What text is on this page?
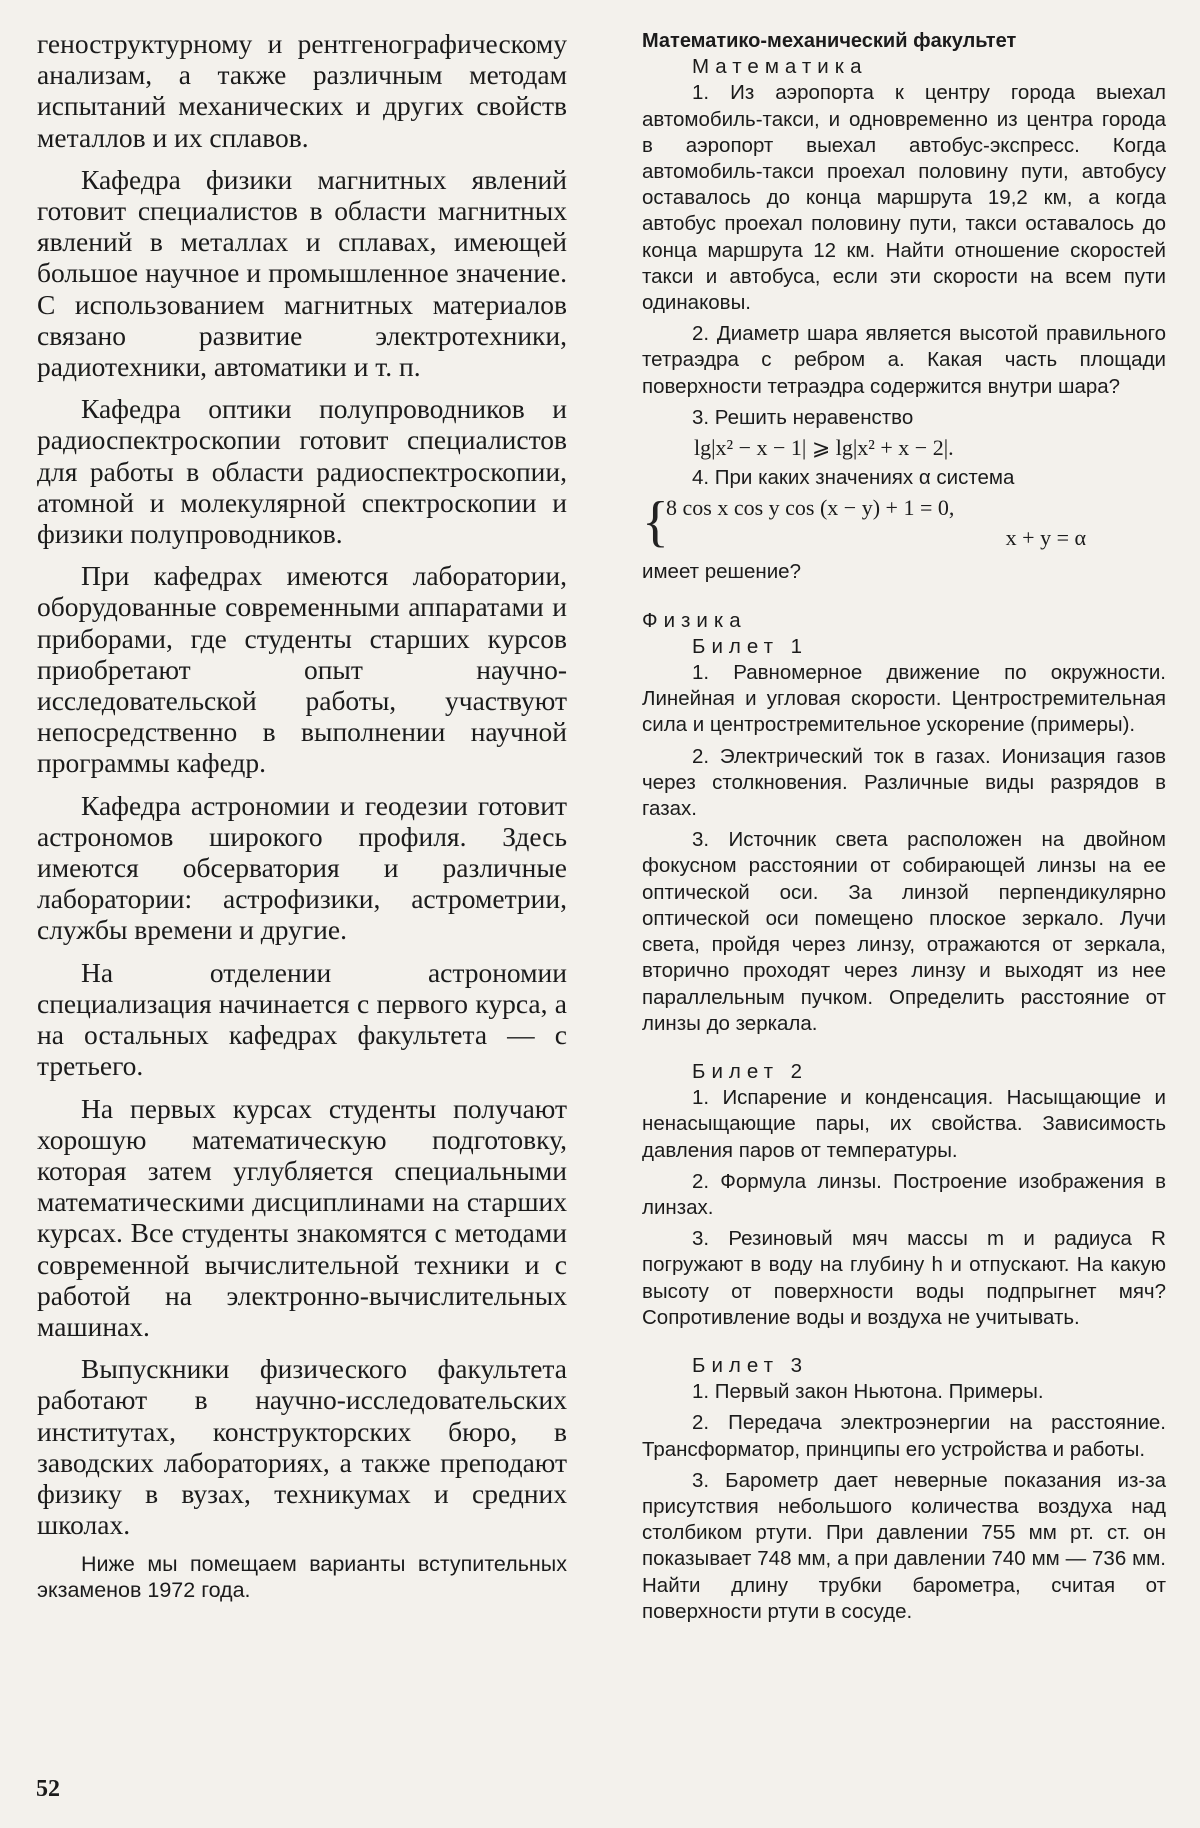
геноструктурному и рентгенографическому анализам, а также различным методам испытаний механических и других свойств металлов и их сплавов.

Кафедра физики магнитных явлений готовит специалистов в области магнитных явлений в металлах и сплавах, имеющей большое научное и промышленное значение. С использованием магнитных материалов связано развитие электротехники, радиотехники, автоматики и т. п.

Кафедра оптики полупроводников и радиоспектроскопии готовит специалистов для работы в области радиоспектроскопии, атомной и молекулярной спектроскопии и физики полупроводников.

При кафедрах имеются лаборатории, оборудованные современными аппаратами и приборами, где студенты старших курсов приобретают опыт научно-исследовательской работы, участвуют непосредственно в выполнении научной программы кафедр.

Кафедра астрономии и геодезии готовит астрономов широкого профиля. Здесь имеются обсерватория и различные лаборатории: астрофизики, астрометрии, службы времени и другие.

На отделении астрономии специализация начинается с первого курса, а на остальных кафедрах факультета — с третьего.

На первых курсах студенты получают хорошую математическую подготовку, которая затем углубляется специальными математическими дисциплинами на старших курсах. Все студенты знакомятся с методами современной вычислительной техники и с работой на электронно-вычислительных машинах.

Выпускники физического факультета работают в научно-исследовательских институтах, конструкторских бюро, в заводских лабораториях, а также преподают физику в вузах, техникумах и средних школах.

Ниже мы помещаем варианты вступительных экзаменов 1972 года.

Математико-механический факультет

Математика

1. Из аэропорта к центру города выехал автомобиль-такси, и одновременно из центра города в аэропорт выехал автобус-экспресс. Когда автомобиль-такси проехал половину пути, автобусу оставалось до конца маршрута 19,2 км, а когда автобус проехал половину пути, такси оставалось до конца маршрута 12 км. Найти отношение скоростей такси и автобуса, если эти скорости на всем пути одинаковы.

2. Диаметр шара является высотой правильного тетраэдра с ребром a. Какая часть площади поверхности тетраэдра содержится внутри шара?

3. Решить неравенство

lg|x² − x − 1| ⩾ lg|x² + x − 2|.

4. При каких значениях α система

{
8 cos x cos y cos (x − y) + 1 = 0,
x + y = α

имеет решение?

Физика

Билет 1

1. Равномерное движение по окружности. Линейная и угловая скорости. Центростремительная сила и центростремительное ускорение (примеры).

2. Электрический ток в газах. Ионизация газов через столкновения. Различные виды разрядов в газах.

3. Источник света расположен на двойном фокусном расстоянии от собирающей линзы на ее оптической оси. За линзой перпендикулярно оптической оси помещено плоское зеркало. Лучи света, пройдя через линзу, отражаются от зеркала, вторично проходят через линзу и выходят из нее параллельным пучком. Определить расстояние от линзы до зеркала.

Билет 2

1. Испарение и конденсация. Насыщающие и ненасыщающие пары, их свойства. Зависимость давления паров от температуры.

2. Формула линзы. Построение изображения в линзах.

3. Резиновый мяч массы m и радиуса R погружают в воду на глубину h и отпускают. На какую высоту от поверхности воды подпрыгнет мяч? Сопротивление воды и воздуха не учитывать.

Билет 3

1. Первый закон Ньютона. Примеры.

2. Передача электроэнергии на расстояние. Трансформатор, принципы его устройства и работы.

3. Барометр дает неверные показания из-за присутствия небольшого количества воздуха над столбиком ртути. При давлении 755 мм рт. ст. он показывает 748 мм, а при давлении 740 мм — 736 мм. Найти длину трубки барометра, считая от поверхности ртути в сосуде.

52
